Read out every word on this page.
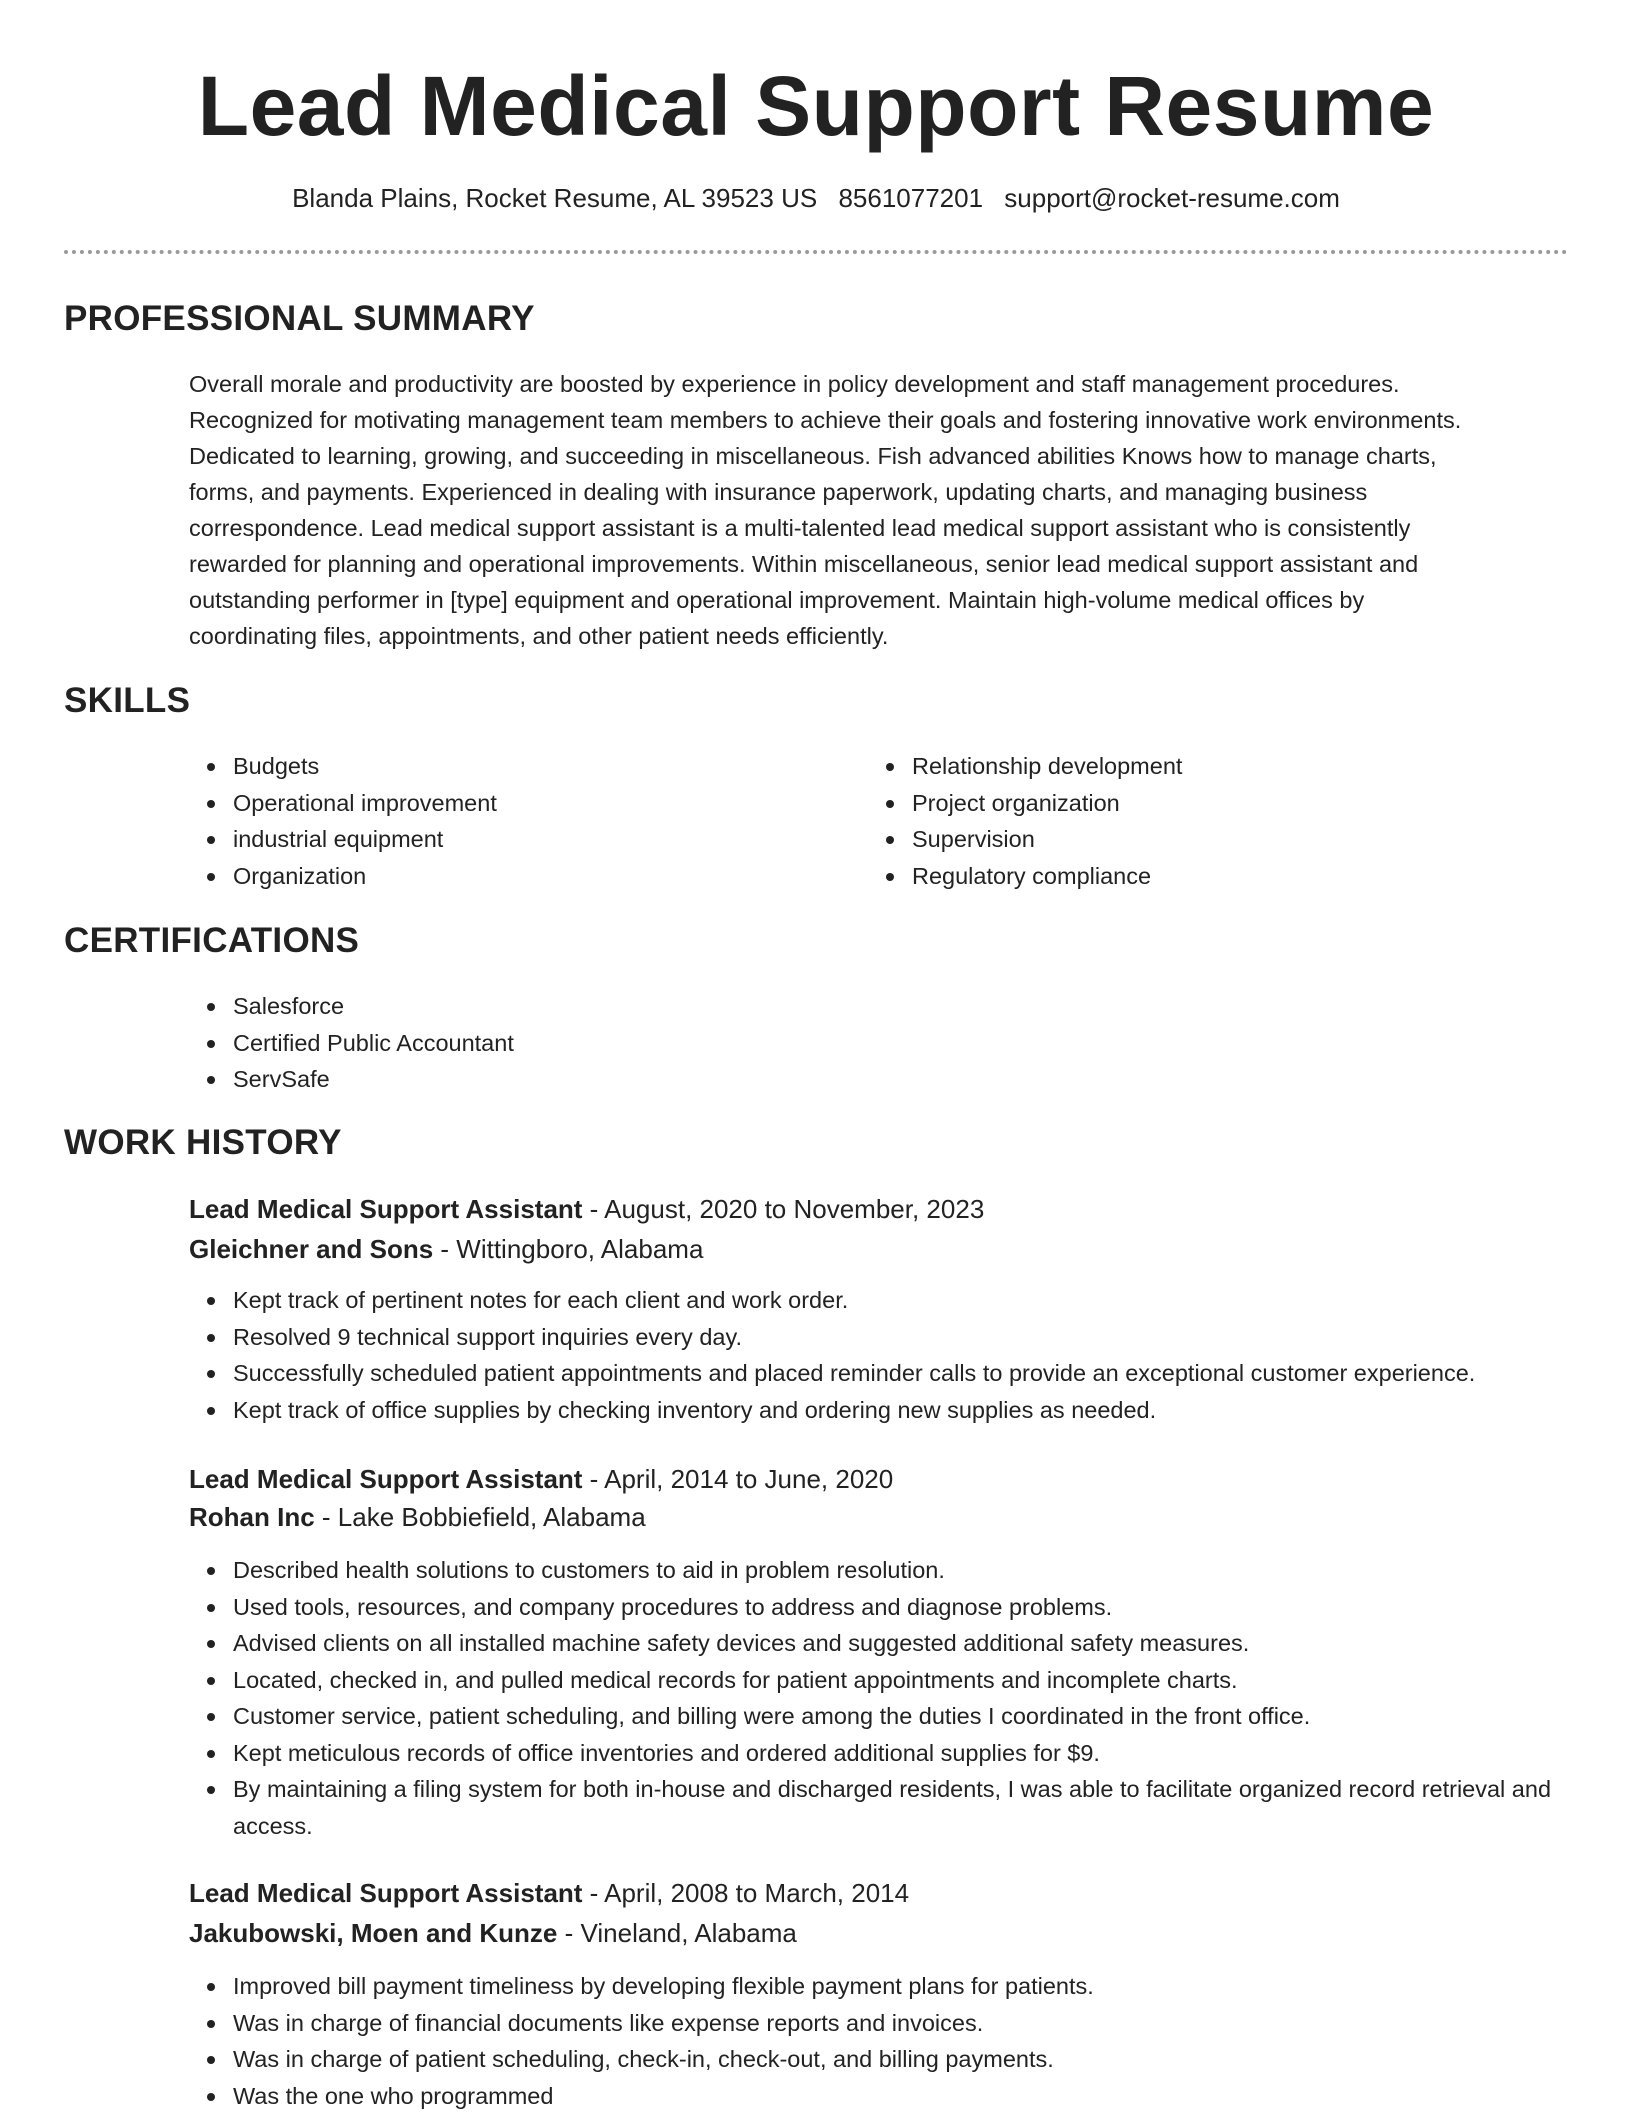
Lead Medical Support Resume
Blanda Plains, Rocket Resume, AL 39523 US 8561077201 support@rocket-resume.com
PROFESSIONAL SUMMARY
Overall morale and productivity are boosted by experience in policy development and staff management procedures.
Recognized for motivating management team members to achieve their goals and fostering innovative work environments.
Dedicated to learning, growing, and succeeding in miscellaneous. Fish advanced abilities Knows how to manage charts,
forms, and payments. Experienced in dealing with insurance paperwork, updating charts, and managing business
correspondence. Lead medical support assistant is a multi-talented lead medical support assistant who is consistently
rewarded for planning and operational improvements. Within miscellaneous, senior lead medical support assistant and
outstanding performer in [type] equipment and operational improvement. Maintain high-volume medical offices by
coordinating files, appointments, and other patient needs efficiently.
SKILLS
Budgets
Operational improvement
industrial equipment
Organization
Relationship development
Project organization
Supervision
Regulatory compliance
CERTIFICATIONS
Salesforce
Certified Public Accountant
ServSafe
WORK HISTORY
Lead Medical Support Assistant - August, 2020 to November, 2023
Gleichner and Sons - Wittingboro, Alabama
Kept track of pertinent notes for each client and work order.
Resolved 9 technical support inquiries every day.
Successfully scheduled patient appointments and placed reminder calls to provide an exceptional customer experience.
Kept track of office supplies by checking inventory and ordering new supplies as needed.
Lead Medical Support Assistant - April, 2014 to June, 2020
Rohan Inc - Lake Bobbiefield, Alabama
Described health solutions to customers to aid in problem resolution.
Used tools, resources, and company procedures to address and diagnose problems.
Advised clients on all installed machine safety devices and suggested additional safety measures.
Located, checked in, and pulled medical records for patient appointments and incomplete charts.
Customer service, patient scheduling, and billing were among the duties I coordinated in the front office.
Kept meticulous records of office inventories and ordered additional supplies for $9.
By maintaining a filing system for both in-house and discharged residents, I was able to facilitate organized record retrieval and access.
Lead Medical Support Assistant - April, 2008 to March, 2014
Jakubowski, Moen and Kunze - Vineland, Alabama
Improved bill payment timeliness by developing flexible payment plans for patients.
Was in charge of financial documents like expense reports and invoices.
Was in charge of patient scheduling, check-in, check-out, and billing payments.
Was the one who programmed
